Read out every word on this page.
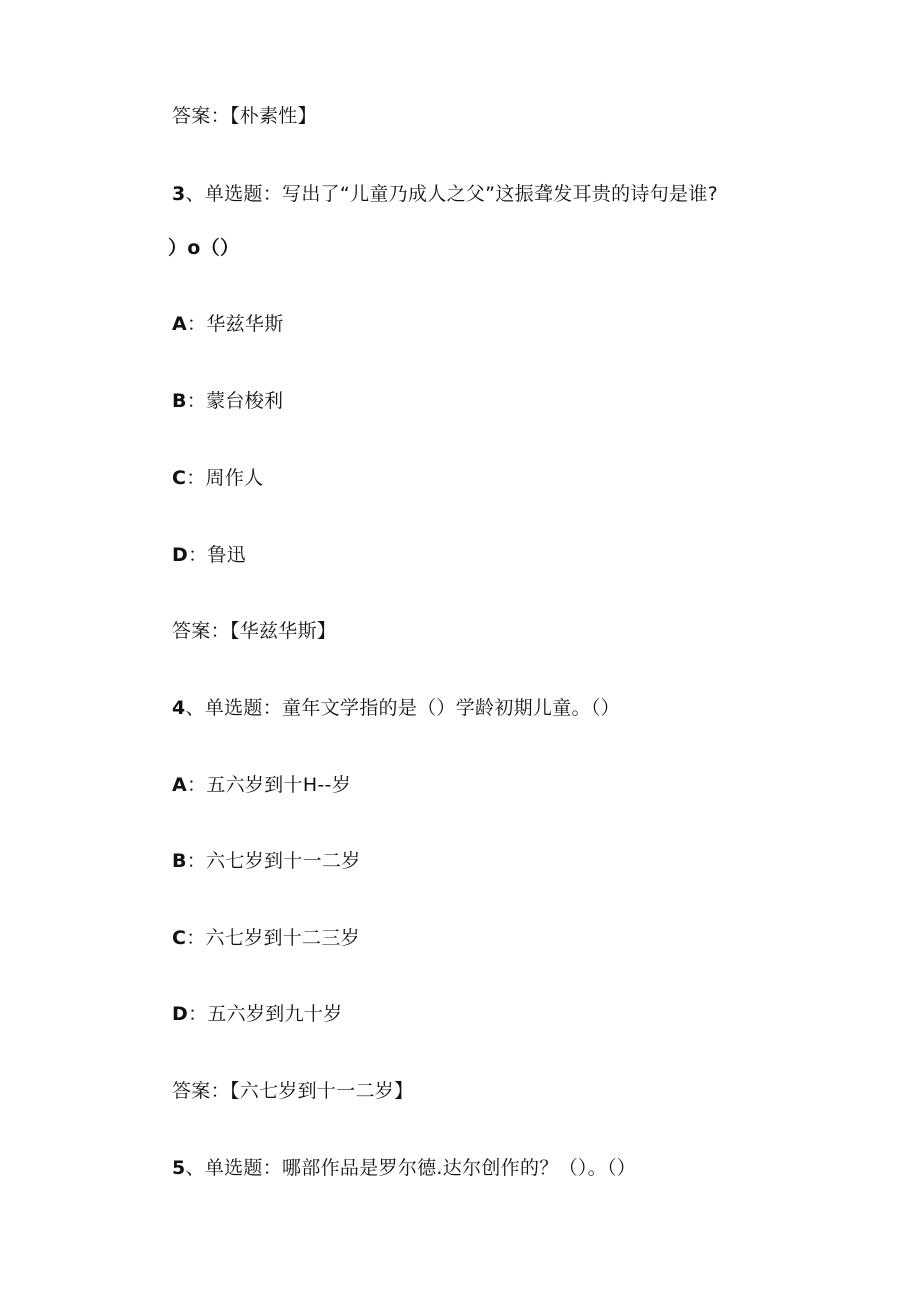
答案：【朴素性】
3、单选题：写出了“儿童乃成人之父”这振聋发耳贵的诗句是谁?
）o（）
A：华兹华斯
B：蒙台梭利
C：周作人
D：鲁迅
答案：【华兹华斯】
4、单选题：童年文学指的是（）学龄初期儿童。（）
A：五六岁到十H--岁
B：六七岁到十一二岁
C：六七岁到十二三岁
D：五六岁到九十岁
答案：【六七岁到十一二岁】
5、单选题：哪部作品是罗尔德.达尔创作的？（）。（）
